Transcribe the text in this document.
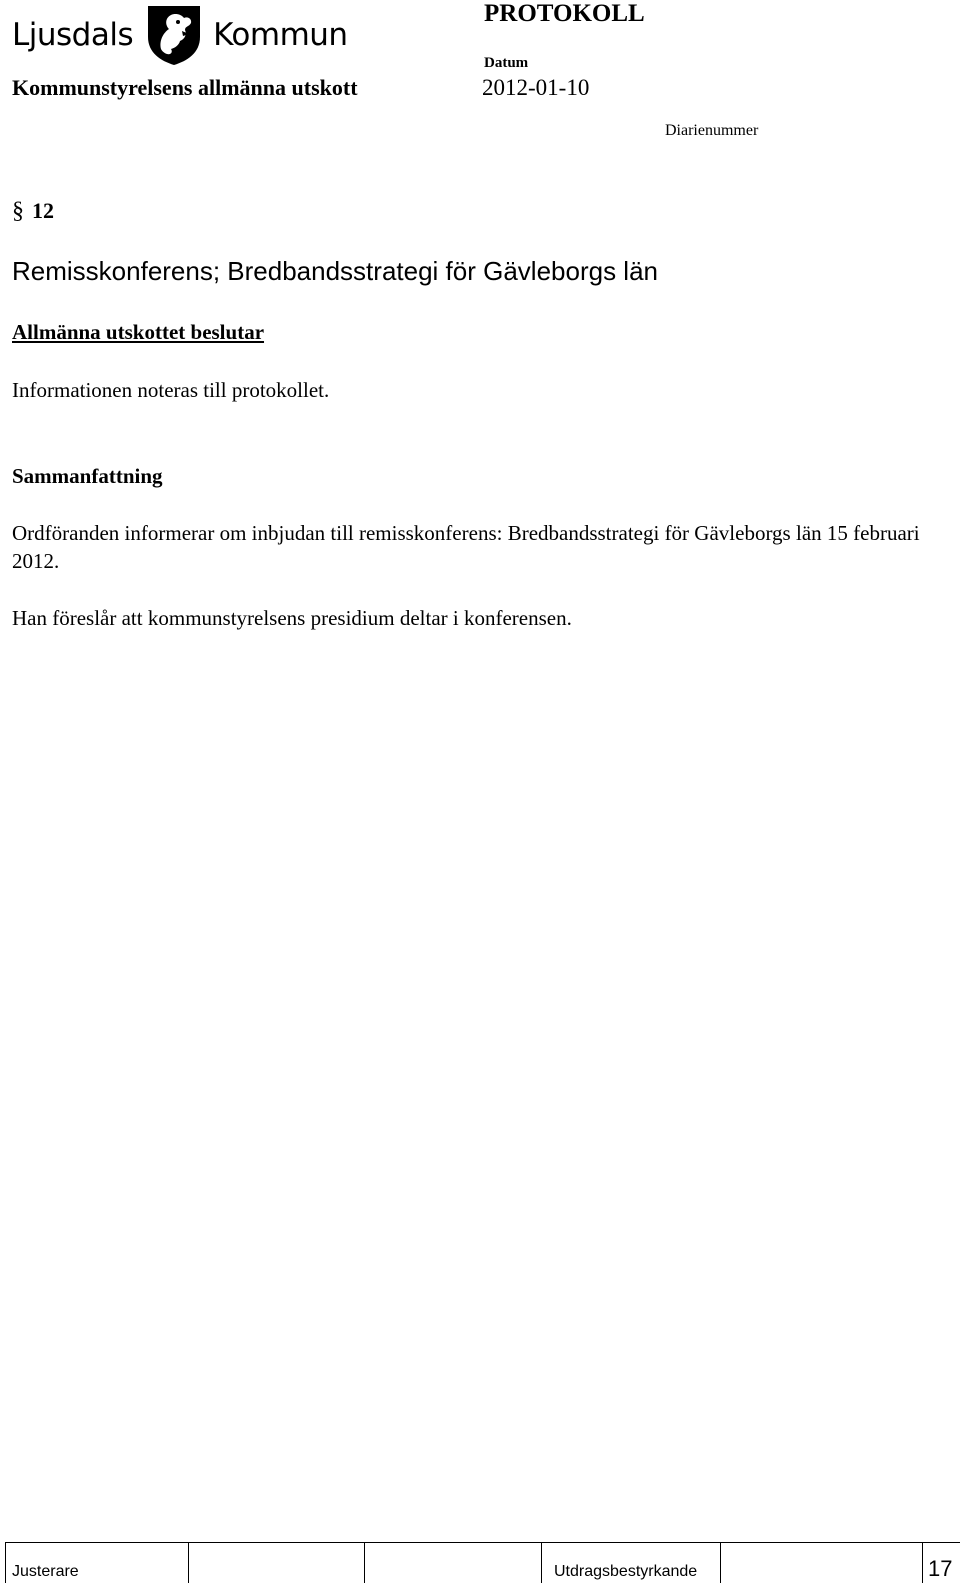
Ljusdals	Kommun
PROTOKOLL
Datum
Kommunstyrelsens allmänna utskott	2012-01-10
Diarienummer
§ 12
Remisskonferens; Bredbandsstrategi för Gävleborgs län
Allmänna utskottet beslutar
Informationen noteras till protokollet.
Sammanfattning
Ordföranden informerar om inbjudan till remisskonferens: Bredbandsstrategi för Gävleborgs län 15 februari 2012.
Han föreslår att kommunstyrelsens presidium deltar i konferensen.
Justerare	Utdragsbestyrkande	17
